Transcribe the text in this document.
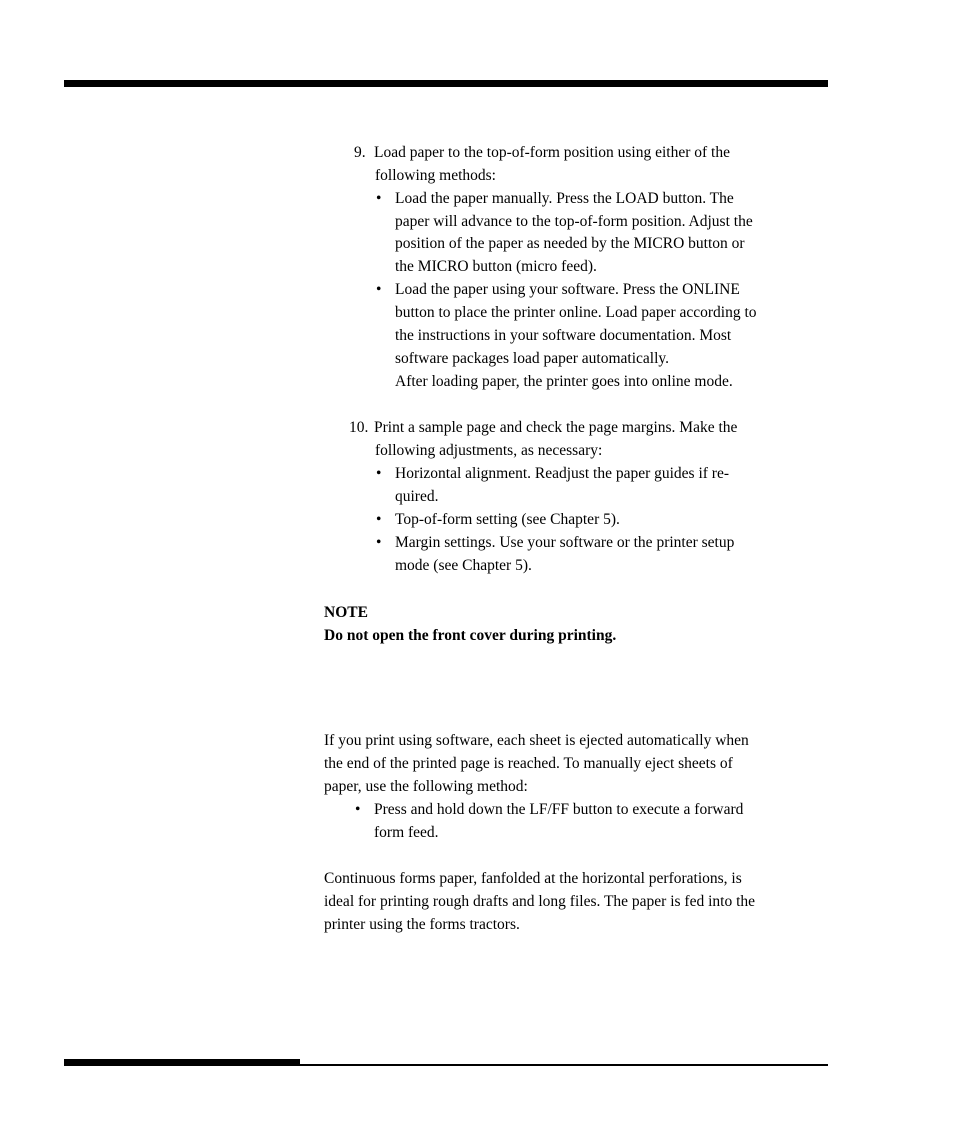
9. Load paper to the top-of-form position using either of the
following methods:
• Load the paper manually. Press the LOAD button. The
paper will advance to the top-of-form position. Adjust the
position of the paper as needed by the MICRO button or
the MICRO button (micro feed).
• Load the paper using your software. Press the ONLINE
button to place the printer online. Load paper according to
the instructions in your software documentation. Most
software packages load paper automatically.
After loading paper, the printer goes into online mode.
10. Print a sample page and check the page margins. Make the
following adjustments, as necessary:
• Horizontal alignment. Readjust the paper guides if re-
quired.
• Top-of-form setting (see Chapter 5).
• Margin settings. Use your software or the printer setup
mode (see Chapter 5).
NOTE
Do not open the front cover during printing.
If you print using software, each sheet is ejected automatically when
the end of the printed page is reached. To manually eject sheets of
paper, use the following method:
• Press and hold down the LF/FF button to execute a forward
form feed.
Continuous forms paper, fanfolded at the horizontal perforations, is
ideal for printing rough drafts and long files. The paper is fed into the
printer using the forms tractors.
